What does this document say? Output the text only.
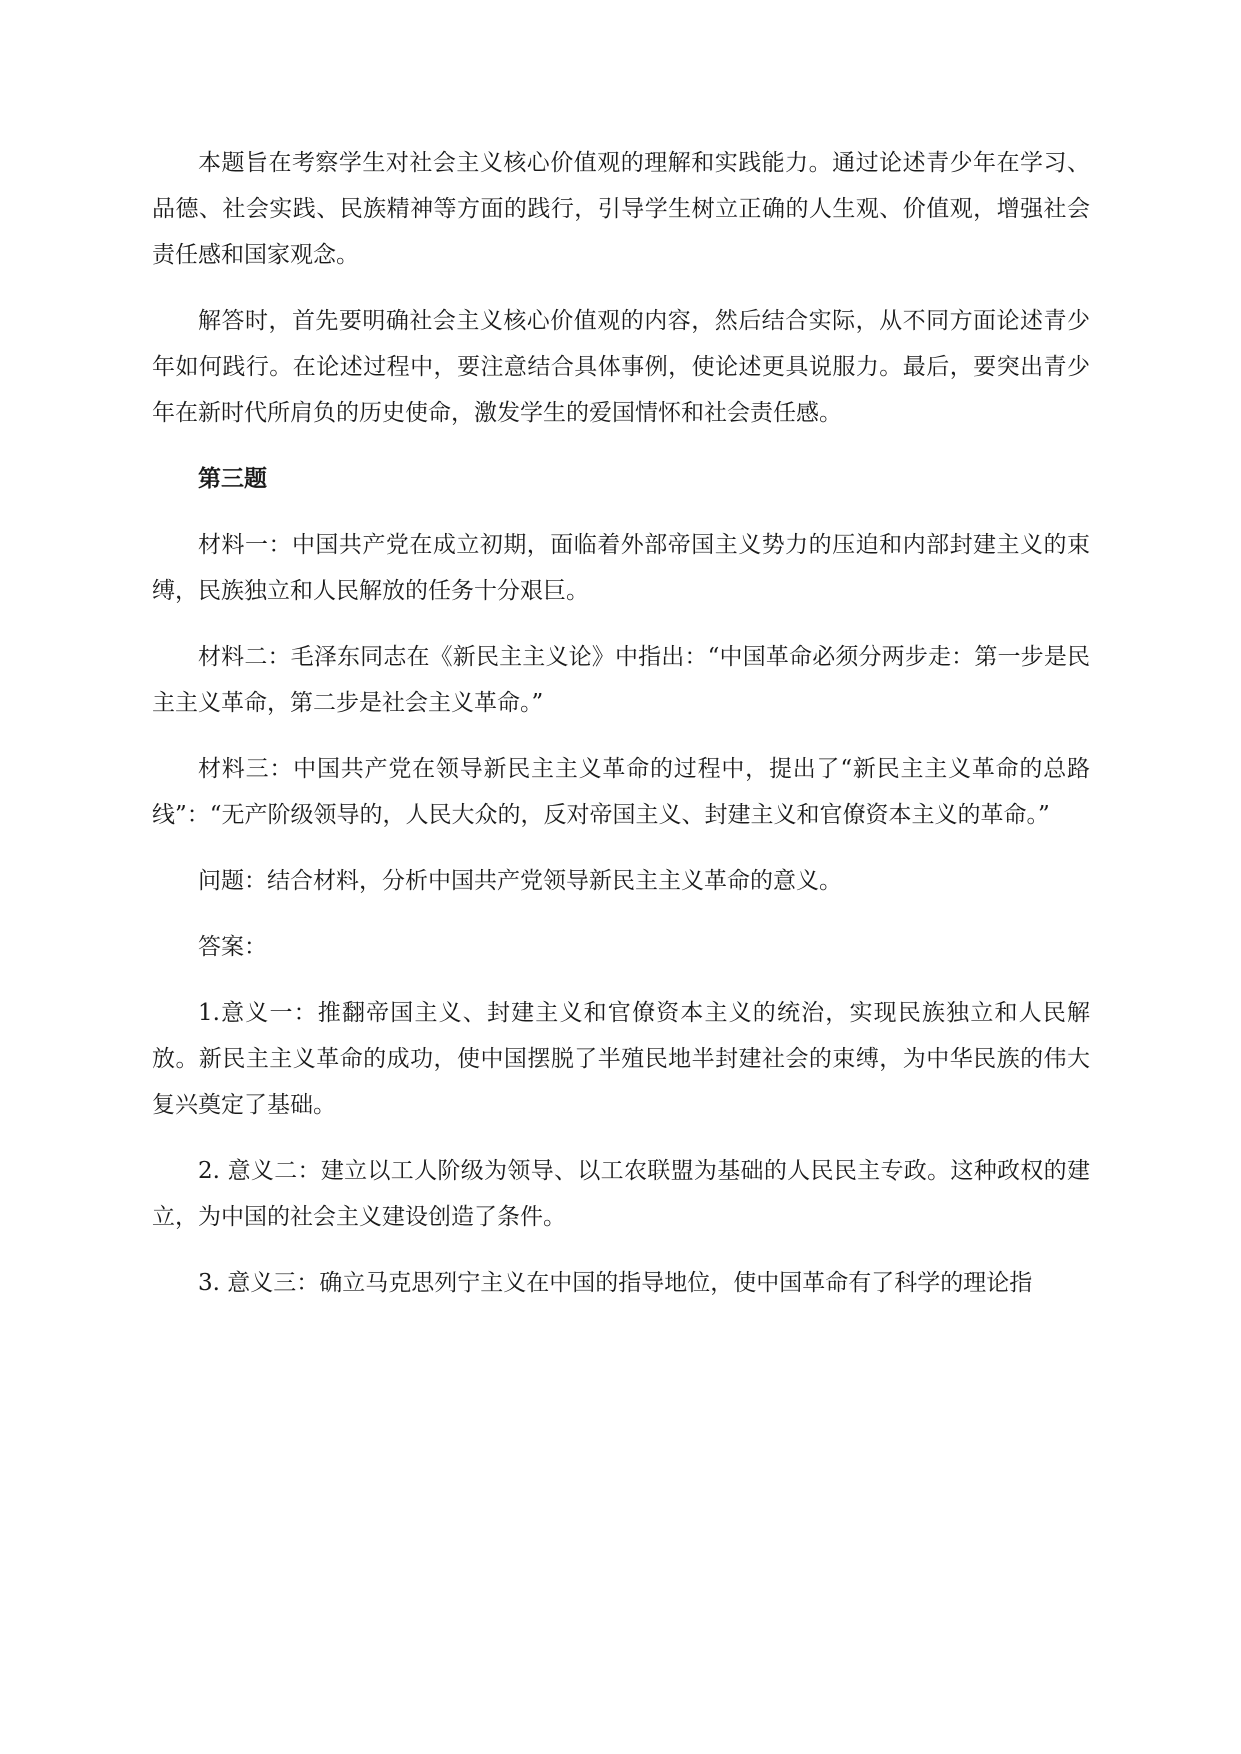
本题旨在考察学生对社会主义核心价值观的理解和实践能力。通过论述青少年在学习、品德、社会实践、民族精神等方面的践行，引导学生树立正确的人生观、价值观，增强社会责任感和国家观念。

解答时，首先要明确社会主义核心价值观的内容，然后结合实际，从不同方面论述青少年如何践行。在论述过程中，要注意结合具体事例，使论述更具说服力。最后，要突出青少年在新时代所肩负的历史使命，激发学生的爱国情怀和社会责任感。

第三题

材料一：中国共产党在成立初期，面临着外部帝国主义势力的压迫和内部封建主义的束缚，民族独立和人民解放的任务十分艰巨。

材料二：毛泽东同志在《新民主主义论》中指出：“中国革命必须分两步走：第一步是民主主义革命，第二步是社会主义革命。”

材料三：中国共产党在领导新民主主义革命的过程中，提出了“新民主主义革命的总路线”：“无产阶级领导的，人民大众的，反对帝国主义、封建主义和官僚资本主义的革命。”

问题：结合材料，分析中国共产党领导新民主主义革命的意义。

答案：

1.意义一：推翻帝国主义、封建主义和官僚资本主义的统治，实现民族独立和人民解放。新民主主义革命的成功，使中国摆脱了半殖民地半封建社会的束缚，为中华民族的伟大复兴奠定了基础。

2. 意义二：建立以工人阶级为领导、以工农联盟为基础的人民民主专政。这种政权的建立，为中国的社会主义建设创造了条件。

3. 意义三：确立马克思列宁主义在中国的指导地位，使中国革命有了科学的理论指
